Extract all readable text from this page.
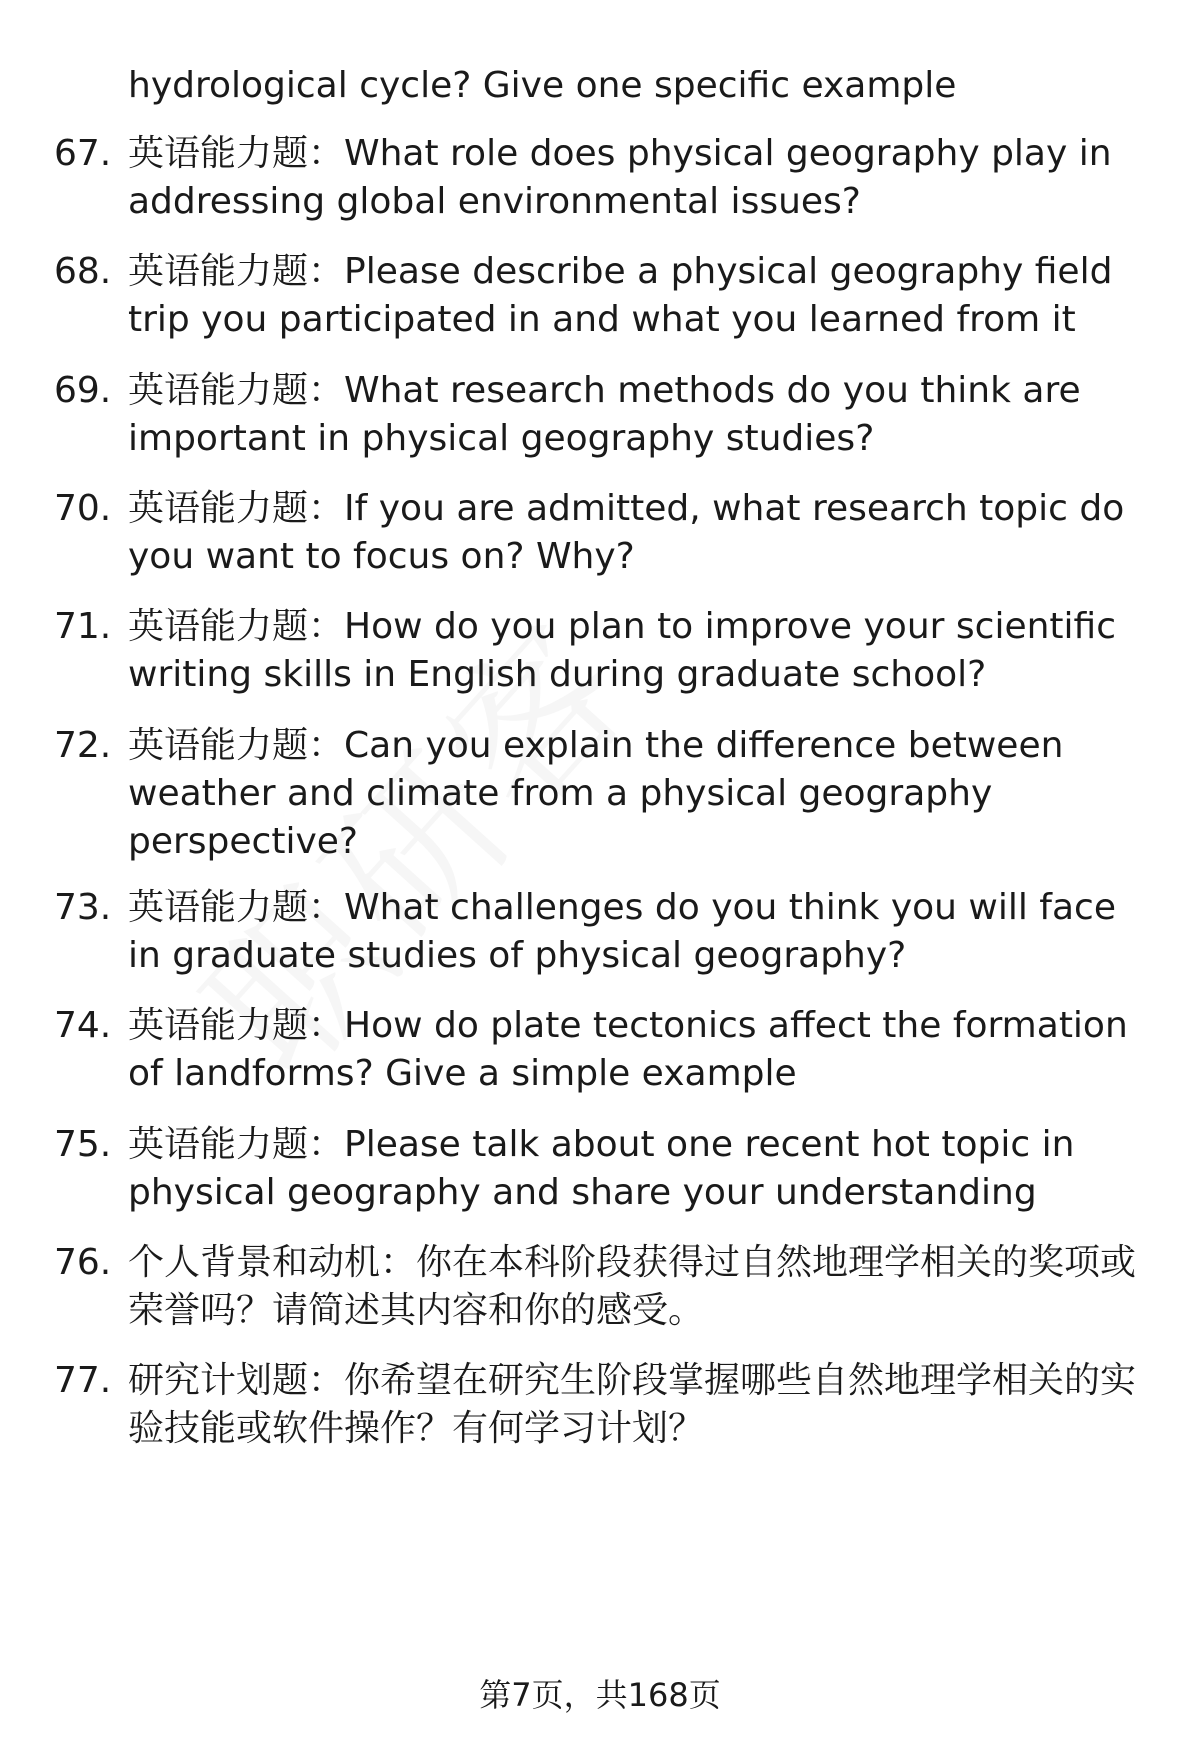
hydrological cycle? Give one specific example
67. 英语能力题：What role does physical geography play in addressing global environmental issues?
68. 英语能力题：Please describe a physical geography field trip you participated in and what you learned from it
69. 英语能力题：What research methods do you think are important in physical geography studies?
70. 英语能力题：If you are admitted, what research topic do you want to focus on? Why?
71. 英语能力题：How do you plan to improve your scientific writing skills in English during graduate school?
72. 英语能力题：Can you explain the difference between weather and climate from a physical geography perspective?
73. 英语能力题：What challenges do you think you will face in graduate studies of physical geography?
74. 英语能力题：How do plate tectonics affect the formation of landforms? Give a simple example
75. 英语能力题：Please talk about one recent hot topic in physical geography and share your understanding
76. 个人背景和动机：你在本科阶段获得过自然地理学相关的奖项或荣誉吗？请简述其内容和你的感受。
77. 研究计划题：你希望在研究生阶段掌握哪些自然地理学相关的实验技能或软件操作？有何学习计划？
第7页，共168页
